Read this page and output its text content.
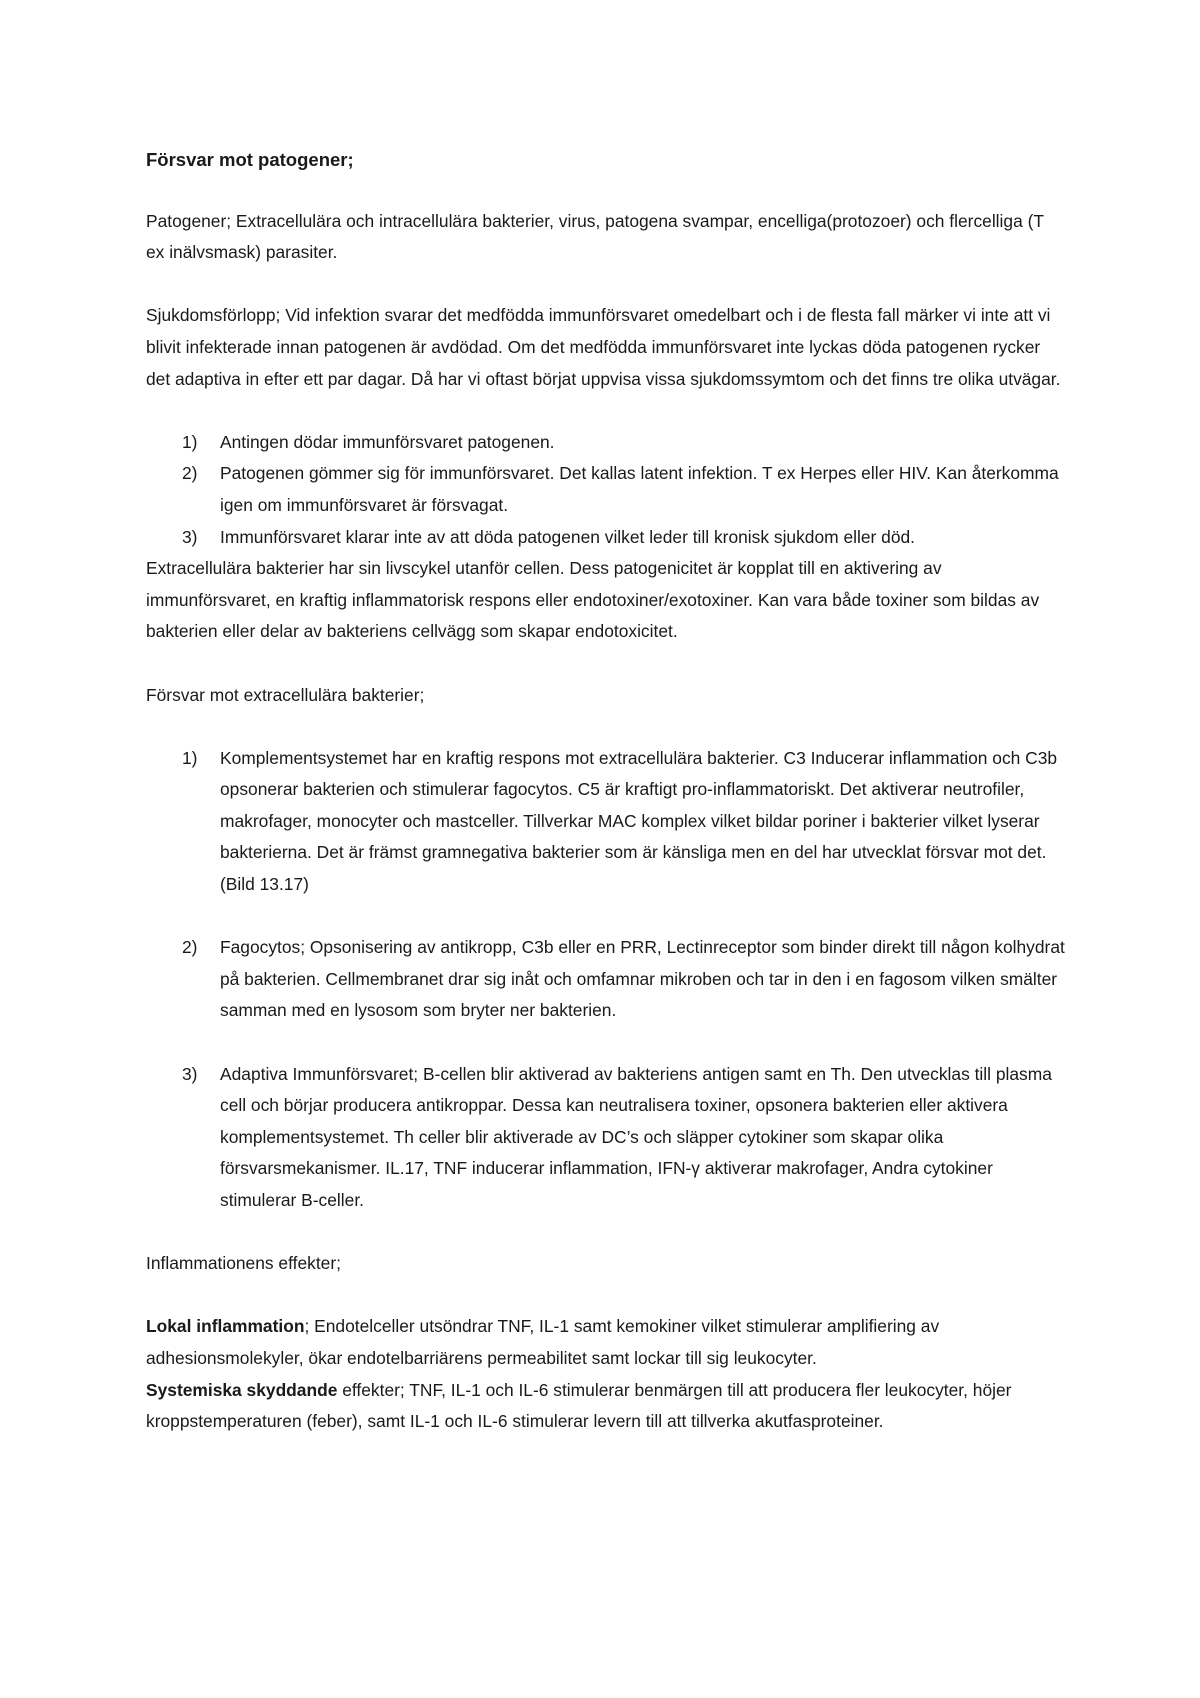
Försvar mot patogener;

Patogener; Extracellulära och intracellulära bakterier, virus, patogena svampar, encelliga(protozoer) och flercelliga (T ex inälvsmask) parasiter.

Sjukdomsförlopp; Vid infektion svarar det medfödda immunförsvaret omedelbart och i de flesta fall märker vi inte att vi blivit infekterade innan patogenen är avdödad. Om det medfödda immunförsvaret inte lyckas döda patogenen rycker det adaptiva in efter ett par dagar. Då har vi oftast börjat uppvisa vissa sjukdomssymtom och det finns tre olika utvägar.

1) Antingen dödar immunförsvaret patogenen.
2) Patogenen gömmer sig för immunförsvaret. Det kallas latent infektion. T ex Herpes eller HIV. Kan återkomma igen om immunförsvaret är försvagat.
3) Immunförsvaret klarar inte av att döda patogenen vilket leder till kronisk sjukdom eller död.

Extracellulära bakterier har sin livscykel utanför cellen. Dess patogenicitet är kopplat till en aktivering av immunförsvaret, en kraftig inflammatorisk respons eller endotoxiner/exotoxiner. Kan vara både toxiner som bildas av bakterien eller delar av bakteriens cellvägg som skapar endotoxicitet.

Försvar mot extracellulära bakterier;

1) Komplementsystemet har en kraftig respons mot extracellulära bakterier. C3 Inducerar inflammation och C3b opsonerar bakterien och stimulerar fagocytos. C5 är kraftigt pro-inflammatoriskt. Det aktiverar neutrofiler, makrofager, monocyter och mastceller. Tillverkar MAC komplex vilket bildar poriner i bakterier vilket lyserar bakterierna. Det är främst gramnegativa bakterier som är känsliga men en del har utvecklat försvar mot det. (Bild 13.17)
2) Fagocytos; Opsonisering av antikropp, C3b eller en PRR, Lectinreceptor som binder direkt till någon kolhydrat på bakterien. Cellmembranet drar sig inåt och omfamnar mikroben och tar in den i en fagosom vilken smälter samman med en lysosom som bryter ner bakterien.
3) Adaptiva Immunförsvaret; B-cellen blir aktiverad av bakteriens antigen samt en Th. Den utvecklas till plasma cell och börjar producera antikroppar. Dessa kan neutralisera toxiner, opsonera bakterien eller aktivera komplementsystemet. Th celler blir aktiverade av DC’s och släpper cytokiner som skapar olika försvarsmekanismer. IL.17, TNF inducerar inflammation, IFN-γ aktiverar makrofager, Andra cytokiner stimulerar B-celler.

Inflammationens effekter;

Lokal inflammation; Endotelceller utsöndrar TNF, IL-1 samt kemokiner vilket stimulerar amplifiering av adhesionsmolekyler, ökar endotelbarriärens permeabilitet samt lockar till sig leukocyter.

Systemiska skyddande effekter; TNF, IL-1 och IL-6 stimulerar benmärgen till att producera fler leukocyter, höjer kroppstemperaturen (feber), samt IL-1 och IL-6 stimulerar levern till att tillverka akutfasproteiner.
